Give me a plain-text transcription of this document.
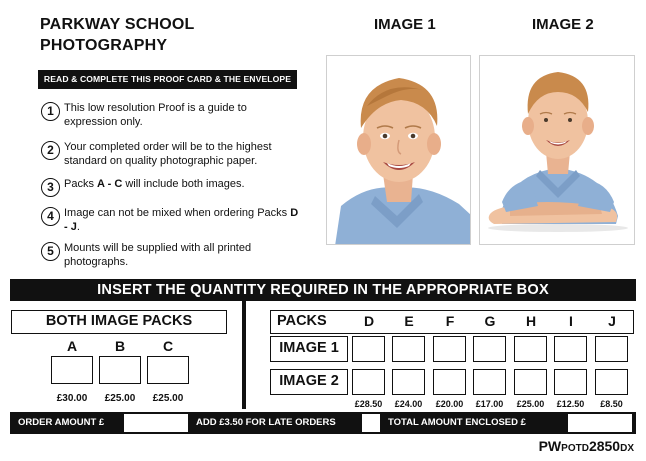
PARKWAY SCHOOL
PHOTOGRAPHY
IMAGE 1	IMAGE 2
READ & COMPLETE THIS PROOF CARD & THE ENVELOPE
1 This low resolution Proof is a guide to expression only.
2 Your completed order will be to the highest standard on quality photographic paper.
3 Packs A - C will include both images.
4 Image can not be mixed when ordering Packs D - J.
5 Mounts will be supplied with all printed photographs.
INSERT THE QUANTITY REQUIRED IN THE APPROPRIATE BOX
BOTH IMAGE PACKS
A	B	C
£30.00	£25.00	£25.00
PACKS	D	E	F	G	H	I	J
IMAGE 1
IMAGE 2
£28.50	£24.00	£20.00	£17.00	£25.00	£12.50	£8.50
ORDER AMOUNT £	ADD £3.50 FOR LATE ORDERS	TOTAL AMOUNT ENCLOSED £
PWPOTD2850DX
